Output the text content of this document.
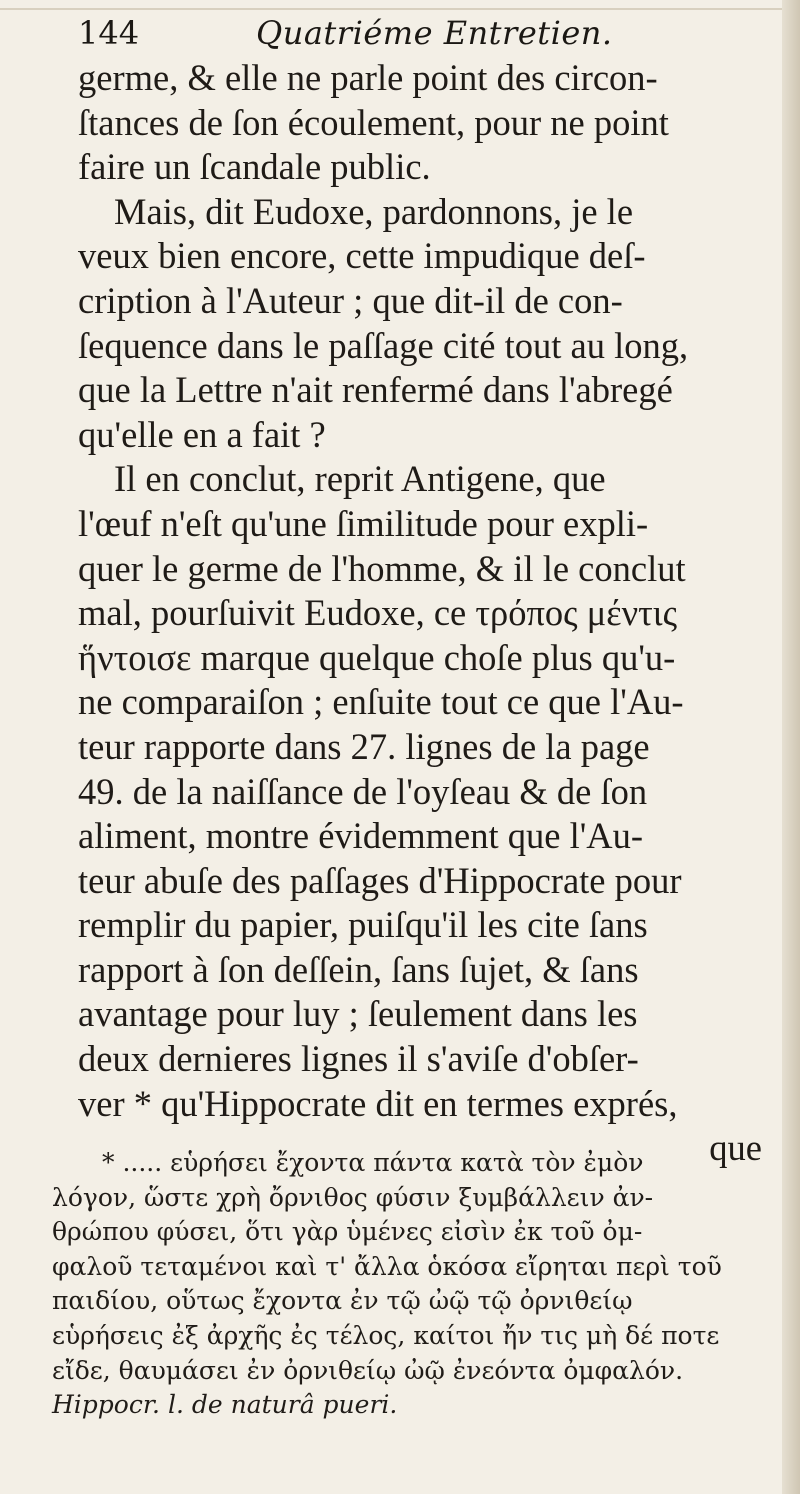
144	Quatriéme Entretien.
germe, & elle ne parle point des circon-
ſtances de ſon écoulement, pour ne point
faire un ſcandale public.
Mais, dit Eudoxe, pardonnons, je le
veux bien encore, cette impudique deſ-
cription à l'Auteur ; que dit-il de con-
ſequence dans le paſſage cité tout au long,
que la Lettre n'ait renfermé dans l'abregé
qu'elle en a fait ?
Il en conclut, reprit Antigene, que
l'œuf n'eſt qu'une ſimilitude pour expli-
quer le germe de l'homme, & il le conclut
mal, pourſuivit Eudoxe, ce τρόπος μέντις
ἥντοισε marque quelque choſe plus qu'u-
ne comparaiſon ; enſuite tout ce que l'Au-
teur rapporte dans 27. lignes de la page
49. de la naiſſance de l'oyſeau & de ſon
aliment, montre évidemment que l'Au-
teur abuſe des paſſages d'Hippocrate pour
remplir du papier, puiſqu'il les cite ſans
rapport à ſon deſſein, ſans ſujet, & ſans
avantage pour luy ; ſeulement dans les
deux dernieres lignes il s'aviſe d'obſer-
ver * qu'Hippocrate dit en termes exprés,
que
* ..... εὑρήσει ἔχοντα πάντα κατὰ τὸν ἐμὸν
λόγον, ὥστε χρὴ ὄρνιθος φύσιν ξυμβάλλειν ἀν-
θρώπου φύσει, ὅτι γὰρ ὑμένες εἰσὶν ἐκ τοῦ ὀμ-
φαλοῦ τεταμένοι καὶ τ' ἄλλα ὁκόσα εἴρηται περὶ τοῦ
παιδίου, οὕτως ἔχοντα ἐν τῷ ὠῷ τῷ ὀρνιθείῳ
εὑρήσεις ἐξ ἀρχῆς ἐς τέλος, καίτοι ἤν τις μὴ δέ ποτε
εἴδε, θαυμάσει ἐν ὀρνιθείῳ ὠῷ ἐνεόντα ὀμφαλόν.
Hippocr. l. de naturâ pueri.
